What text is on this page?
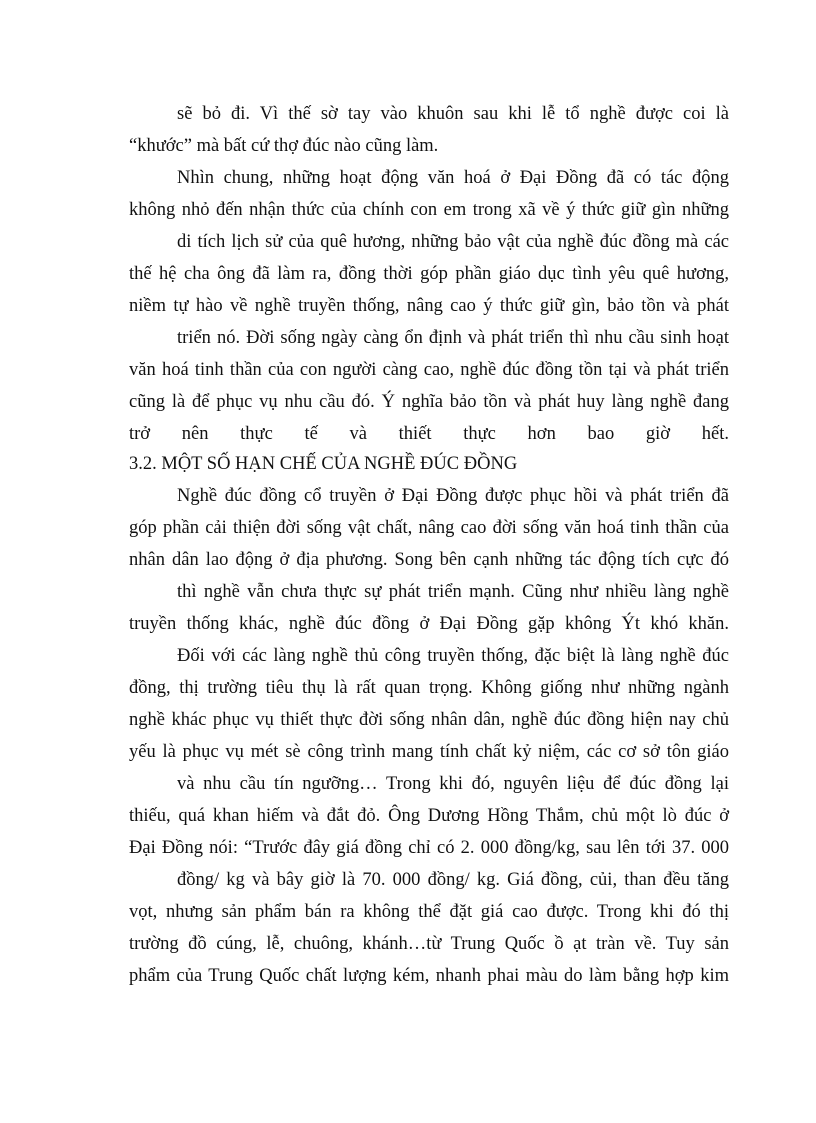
sẽ bỏ đi. Vì thế sờ tay vào khuôn sau khi lễ tổ nghề được coi là
“khước” mà bất cứ thợ đúc nào cũng làm.
Nhìn chung, những hoạt động văn hoá ở Đại Đồng đã có tác động
không nhỏ đến nhận thức của chính con em trong xã về ý thức giữ gìn những
di tích lịch sử của quê hương, những bảo vật của nghề đúc đồng mà các
thế hệ cha ông đã làm ra, đồng thời góp phần giáo dục tình yêu quê hương,
niềm tự hào về nghề truyền thống, nâng cao ý thức giữ gìn, bảo tồn và phát
triển nó. Đời sống ngày càng ổn định và phát triển thì nhu cầu sinh hoạt
văn hoá tinh thần của con người càng cao, nghề đúc đồng tồn tại và phát triển
cũng là để phục vụ nhu cầu đó. Ý nghĩa bảo tồn và phát huy làng nghề đang
trở nên thực tế và thiết thực hơn bao giờ hết.
3.2. MỘT SỐ HẠN CHẾ CỦA NGHỀ ĐÚC ĐỒNG
Nghề đúc đồng cổ truyền ở Đại Đồng được phục hồi và phát triển đã
góp phần cải thiện đời sống vật chất, nâng cao đời sống văn hoá tinh thần của
nhân dân lao động ở địa phương. Song bên cạnh những tác động tích cực đó
thì nghề vẫn chưa thực sự phát triển mạnh. Cũng như nhiều làng nghề
truyền thống khác, nghề đúc đồng ở Đại Đồng gặp không Ýt khó khăn.
Đối với các làng nghề thủ công truyền thống, đặc biệt là làng nghề đúc
đồng, thị trường tiêu thụ là rất quan trọng. Không giống như những ngành
nghề khác phục vụ thiết thực đời sống nhân dân, nghề đúc đồng hiện nay chủ
yếu là phục vụ mét sè công trình mang tính chất kỷ niệm, các cơ sở tôn giáo
và nhu cầu tín ngưỡng… Trong khi đó, nguyên liệu để đúc đồng lại
thiếu, quá khan hiếm và đắt đỏ. Ông Dương Hồng Thắm, chủ một lò đúc ở
Đại Đồng nói: “Trước đây giá đồng chỉ có 2. 000 đồng/kg, sau lên tới 37. 000
đồng/ kg và bây giờ là 70. 000 đồng/ kg. Giá đồng, củi, than đều tăng
vọt, nhưng sản phẩm bán ra không thể đặt giá cao được. Trong khi đó thị
trường đồ cúng, lễ, chuông, khánh…từ Trung Quốc ồ ạt tràn về. Tuy sản
phẩm của Trung Quốc chất lượng kém, nhanh phai màu do làm bằng hợp kim
